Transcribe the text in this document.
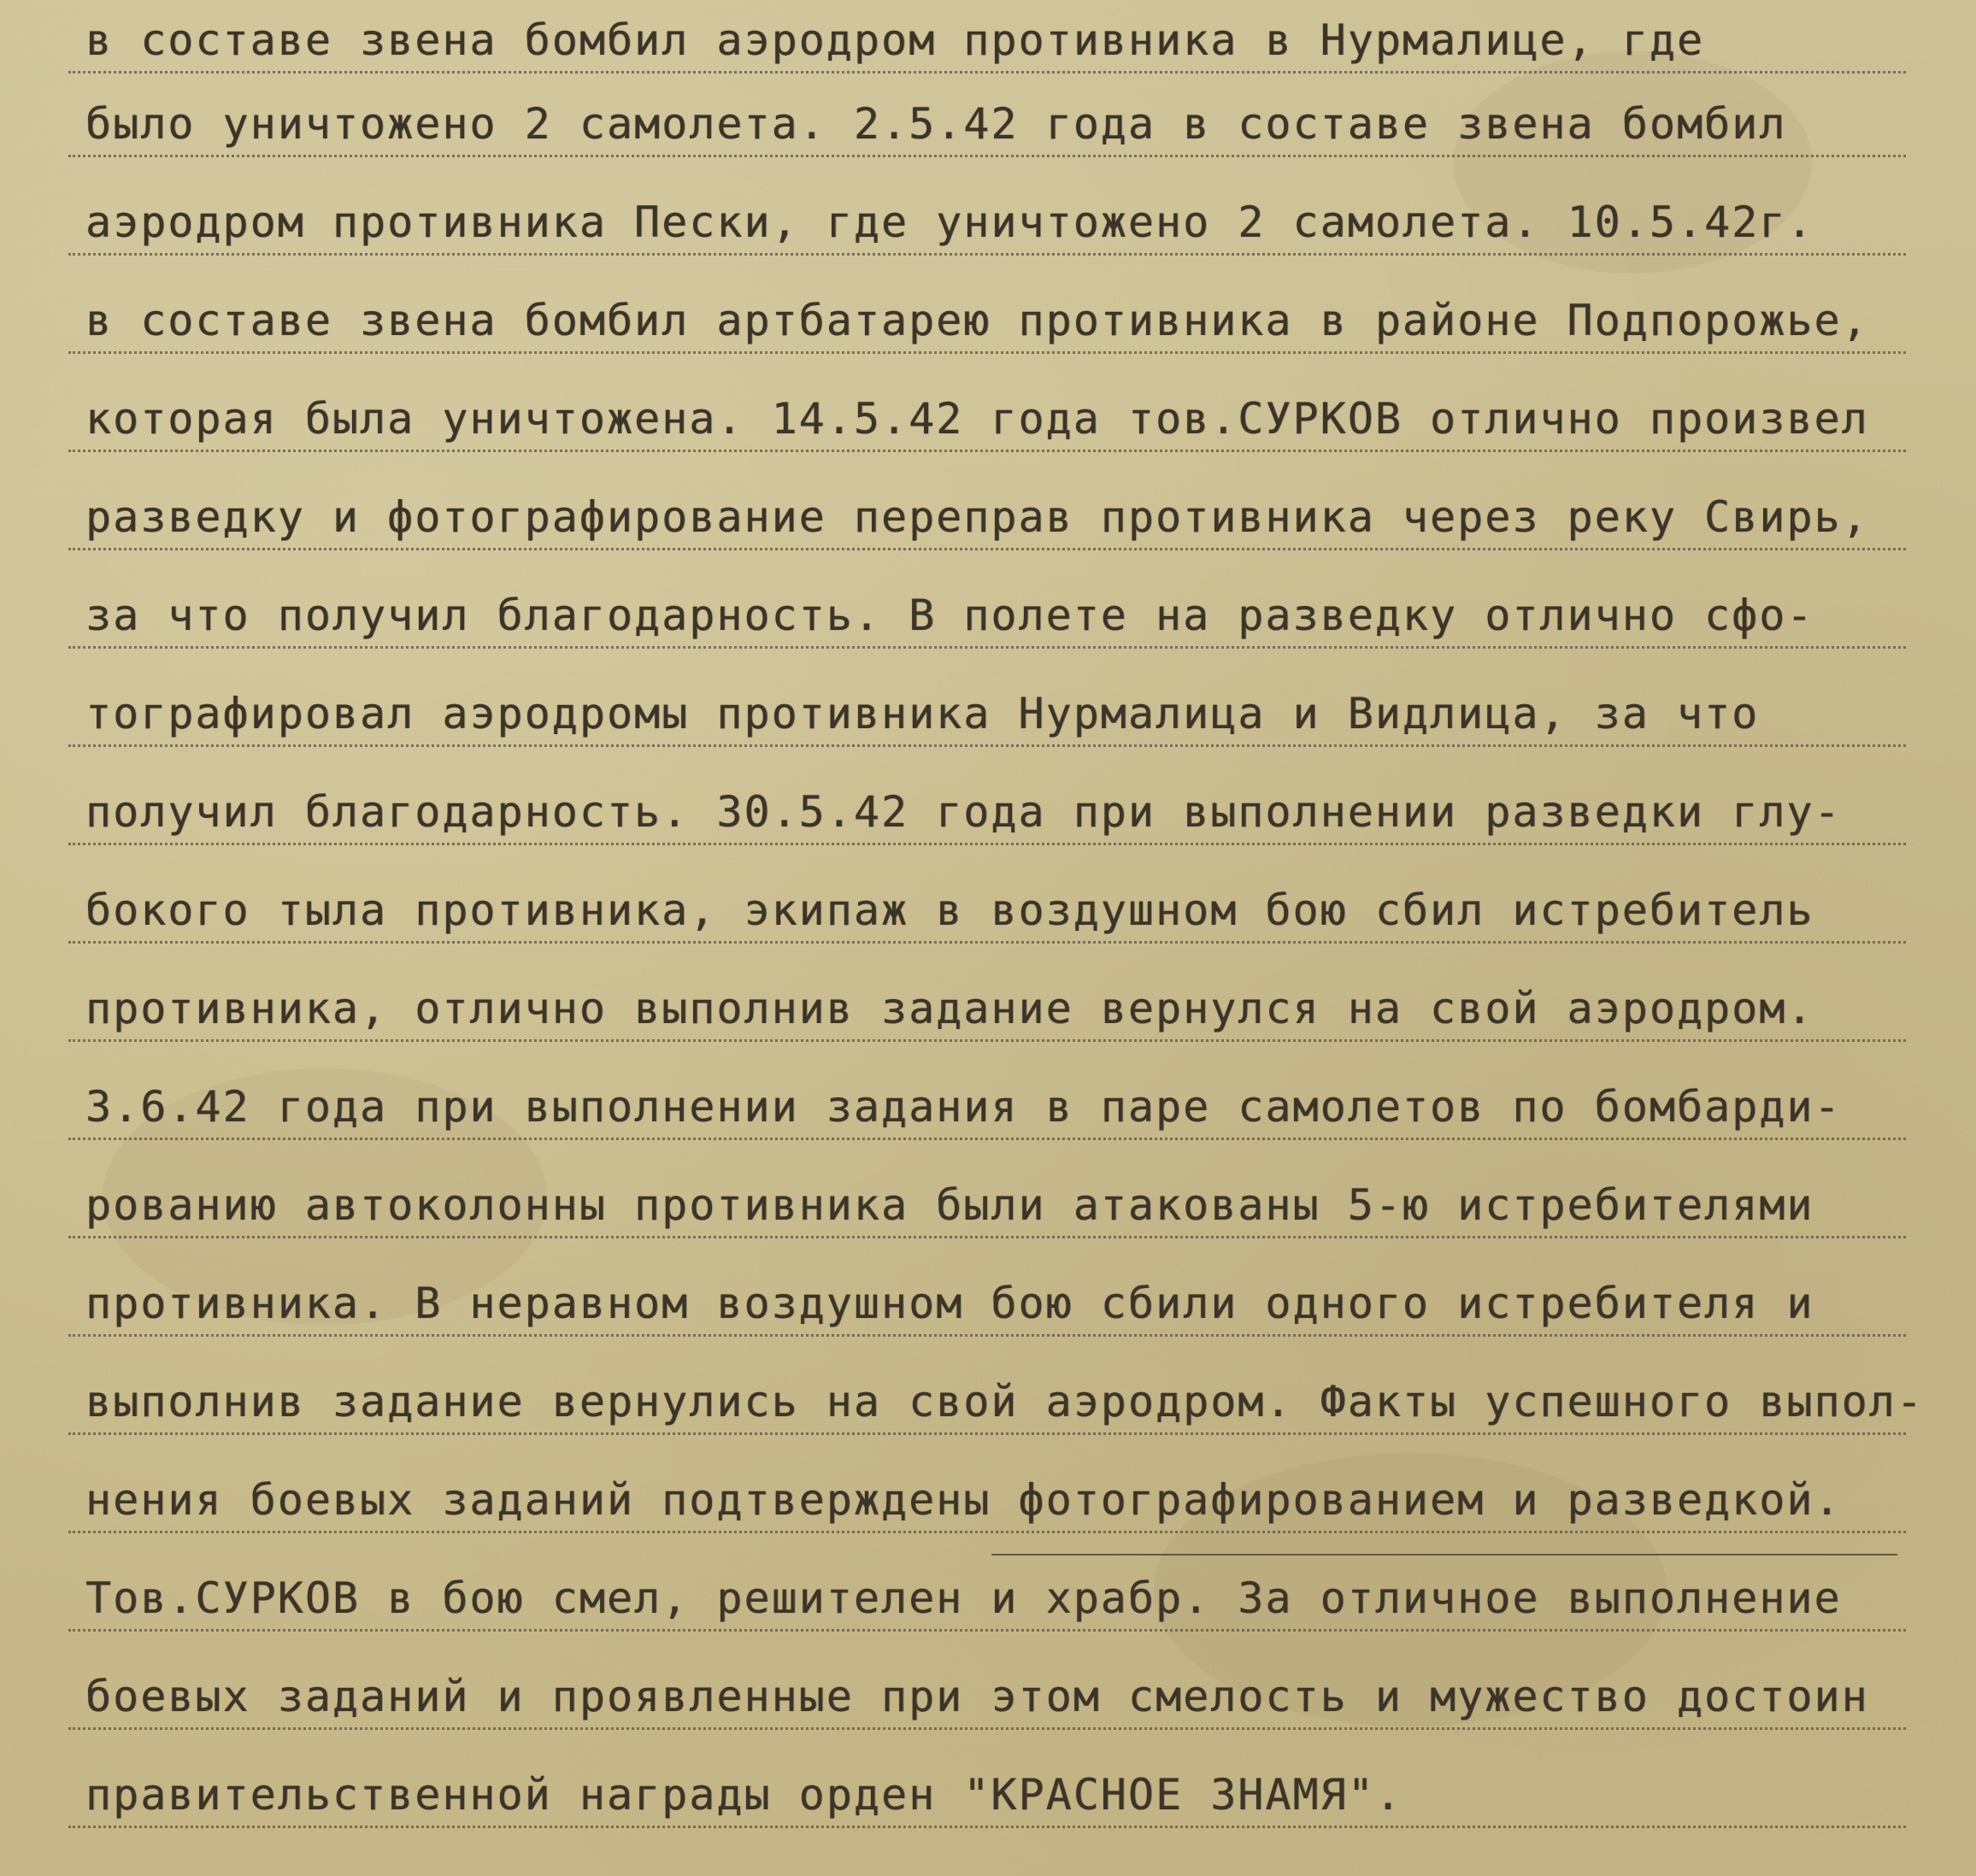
в составе звена бомбил аэродром противника в Нурмалице, где
было уничтожено 2 самолета. 2.5.42 года в составе звена бомбил
аэродром противника Пески, где уничтожено 2 самолета. 10.5.42г.
в составе звена бомбил артбатарею противника в районе Подпорожье,
которая была уничтожена. 14.5.42 года тов.СУРКОВ отлично произвел
разведку и фотографирование переправ противника через реку Свирь,
за что получил благодарность. В полете на разведку отлично сфо-
тографировал аэродромы противника Нурмалица и Видлица, за что
получил благодарность. 30.5.42 года при выполнении разведки глу-
бокого тыла противника, экипаж в воздушном бою сбил истребитель
противника, отлично выполнив задание вернулся на свой аэродром.
3.6.42 года при выполнении задания в паре самолетов по бомбарди-
рованию автоколонны противника были атакованы 5-ю истребителями
противника. В неравном воздушном бою сбили одного истребителя и
выполнив задание вернулись на свой аэродром. Факты успешного выпол-
нения боевых заданий подтверждены фотографированием и разведкой.
Тов.СУРКОВ в бою смел, решителен и храбр. За отличное выполнение
боевых заданий и проявленные при этом смелость и мужество достоин
правительственной награды орден "КРАСНОЕ ЗНАМЯ".
